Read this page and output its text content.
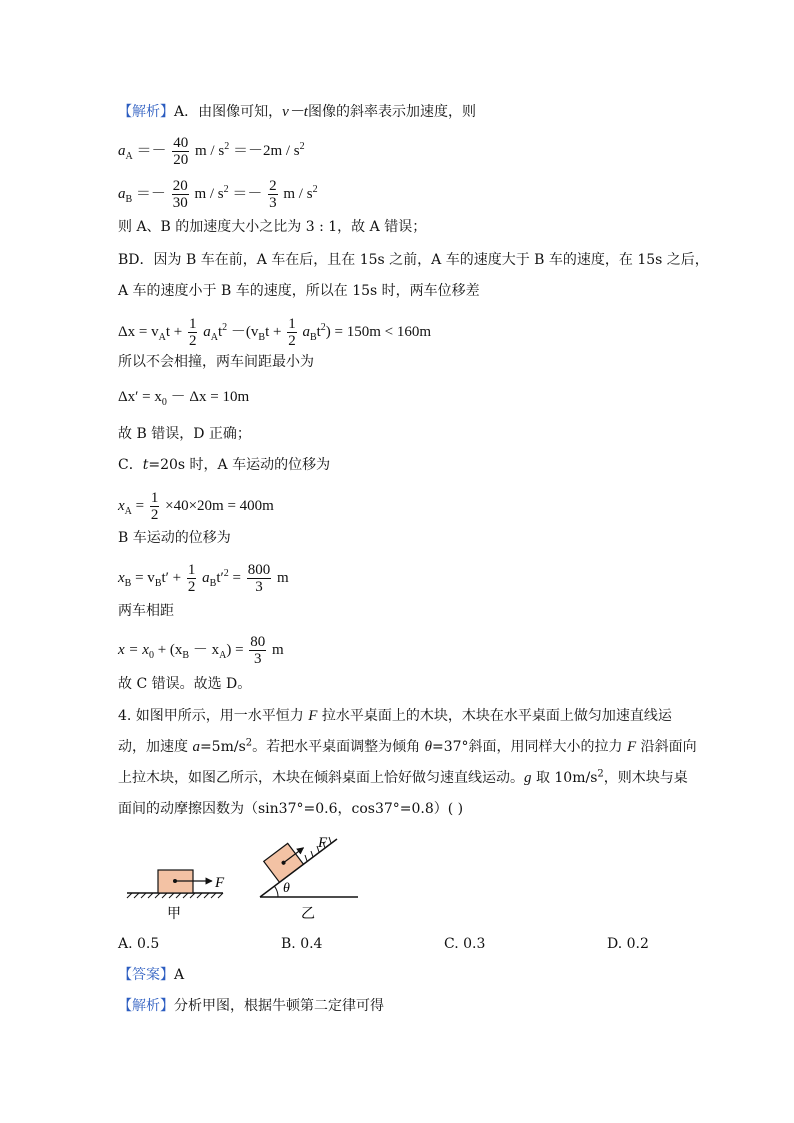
【解析】A．由图像可知，v－t图像的斜率表示加速度，则
$a_A =- \frac{40}{20}$ $m / s^2 =-2m / s^2$
$a_B =- \frac{20}{30}$ $m / s^2 =- \frac{2}{3}$ m / $s^2$
则 A、B 的加速度大小之比为 3 : 1，故 A 错误；
BD．因为 B 车在前，A 车在后，且在 15s 之前，A 车的速度大于 B 车的速度，在 15s 之后，
A 车的速度小于 B 车的速度，所以在 15s 时，两车位移差
$\Delta x = v_At + \frac{1}{2} a_At^2 -(v_Bt + \frac{1}{2} a_Bt^2) = 150m < 160m$
所以不会相撞，两车间距最小为
$\Delta x' = x_0 - \Delta x = 10m$
故 B 错误，D 正确；
C．t=20s 时，A 车运动的位移为
$x_A = \frac{1}{2} \times 40\times 20m = 400m$
B 车运动的位移为
$x_B = v_Bt' + \frac{1}{2} a_Bt'^2 = \frac{800}{3}$ m
两车相距
$x = x_0 + (x_B - x_A) = \frac{80}{3}$ m
故 C 错误。故选 D。
4. 如图甲所示，用一水平恒力 F 拉水平桌面上的木块，木块在水平桌面上做匀加速直线运
动，加速度 $a=5m/s^2$。若把水平桌面调整为倾角 θ=37°斜面，用同样大小的拉力 F 沿斜面向
上拉木块，如图乙所示，木块在倾斜桌面上恰好做匀速直线运动。g 取 $10m/s^2$，则木块与桌
面间的动摩擦因数为（sin37°=0.6，cos37°=0.8）( )
F
甲
θ
F
乙
A. 0.5	B. 0.4	C. 0.3	D. 0.2
【答案】A
【解析】分析甲图，根据牛顿第二定律可得
